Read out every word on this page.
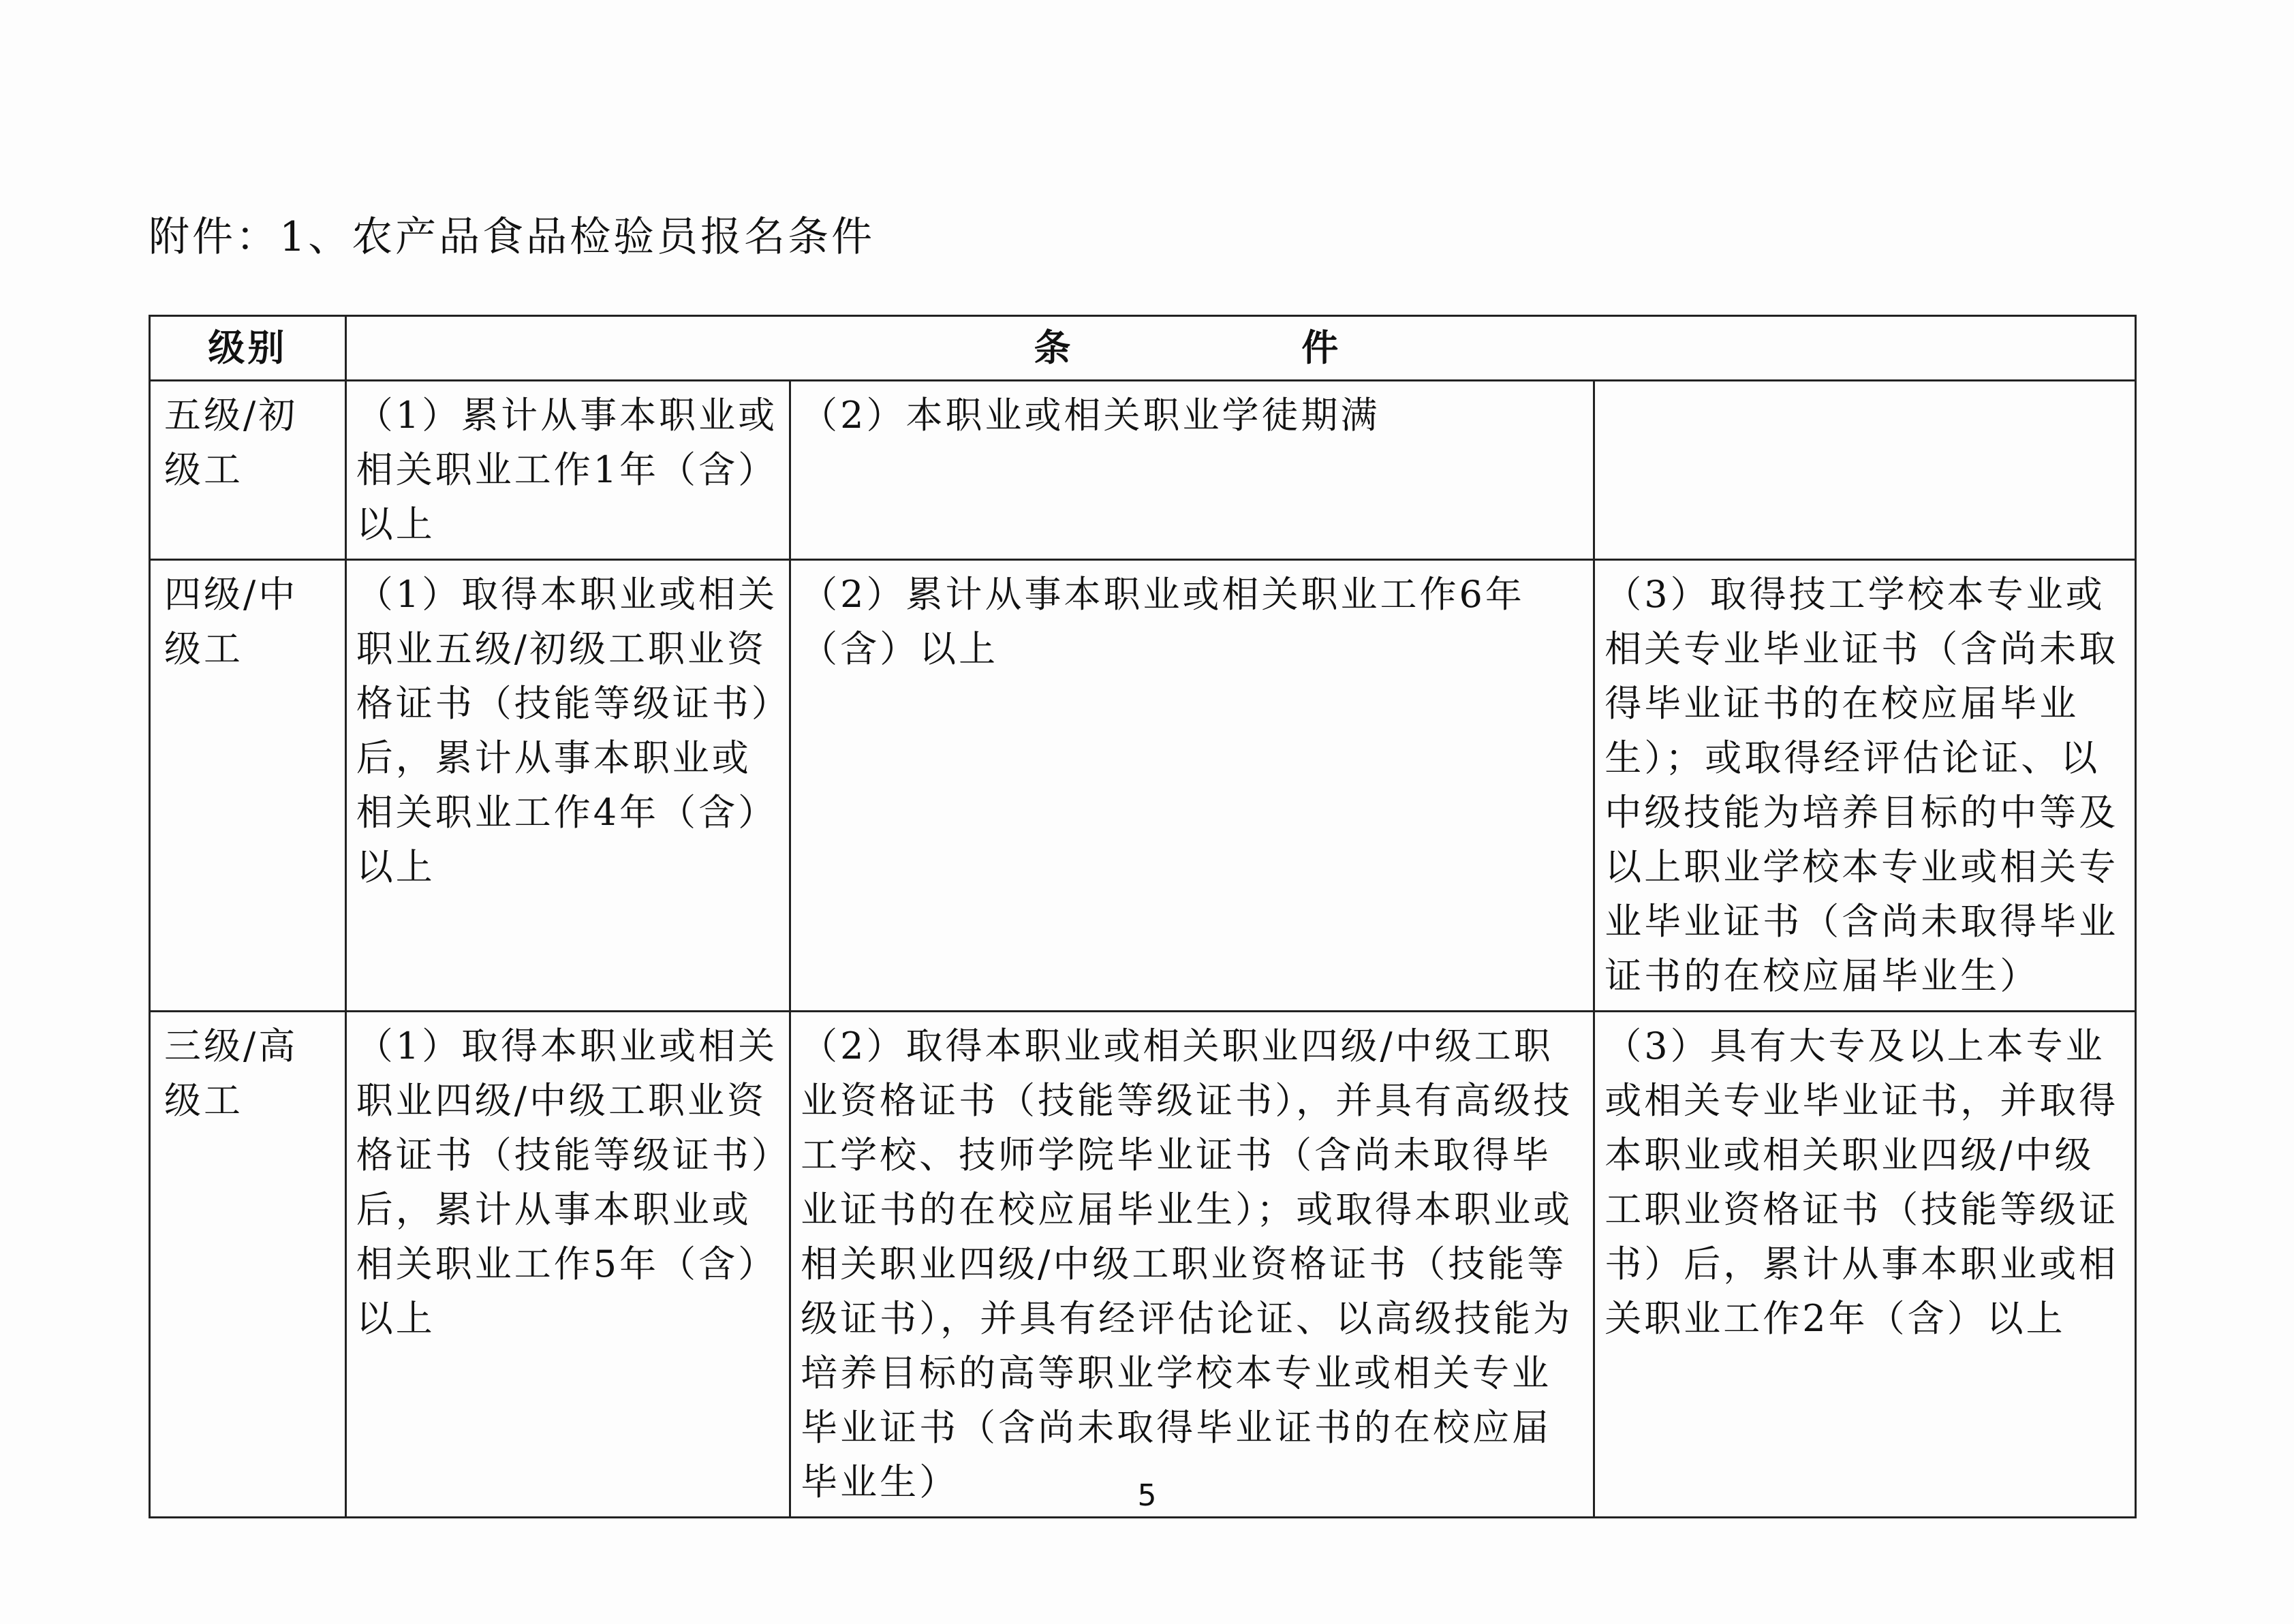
附件：1、农产品食品检验员报名条件
级别	条 件		
五级/初级工	（1）累计从事本职业或相关职业工作1年（含）以上	（2）本职业或相关职业学徒期满	
四级/中级工	（1）取得本职业或相关职业五级/初级工职业资格证书（技能等级证书）后，累计从事本职业或相关职业工作4年（含）以上	（2）累计从事本职业或相关职业工作6年（含）以上	（3）取得技工学校本专业或相关专业毕业证书（含尚未取得毕业证书的在校应届毕业生）；或取得经评估论证、以中级技能为培养目标的中等及以上职业学校本专业或相关专业毕业证书（含尚未取得毕业证书的在校应届毕业生）
三级/高级工	（1）取得本职业或相关职业四级/中级工职业资格证书（技能等级证书）后，累计从事本职业或相关职业工作5年（含）以上	（2）取得本职业或相关职业四级/中级工职业资格证书（技能等级证书），并具有高级技工学校、技师学院毕业证书（含尚未取得毕业证书的在校应届毕业生）；或取得本职业或相关职业四级/中级工职业资格证书（技能等级证书），并具有经评估论证、以高级技能为培养目标的高等职业学校本专业或相关专业毕业证书（含尚未取得毕业证书的在校应届毕业生）	（3）具有大专及以上本专业或相关专业毕业证书，并取得本职业或相关职业四级/中级工职业资格证书（技能等级证书）后，累计从事本职业或相关职业工作2年（含）以上
5
